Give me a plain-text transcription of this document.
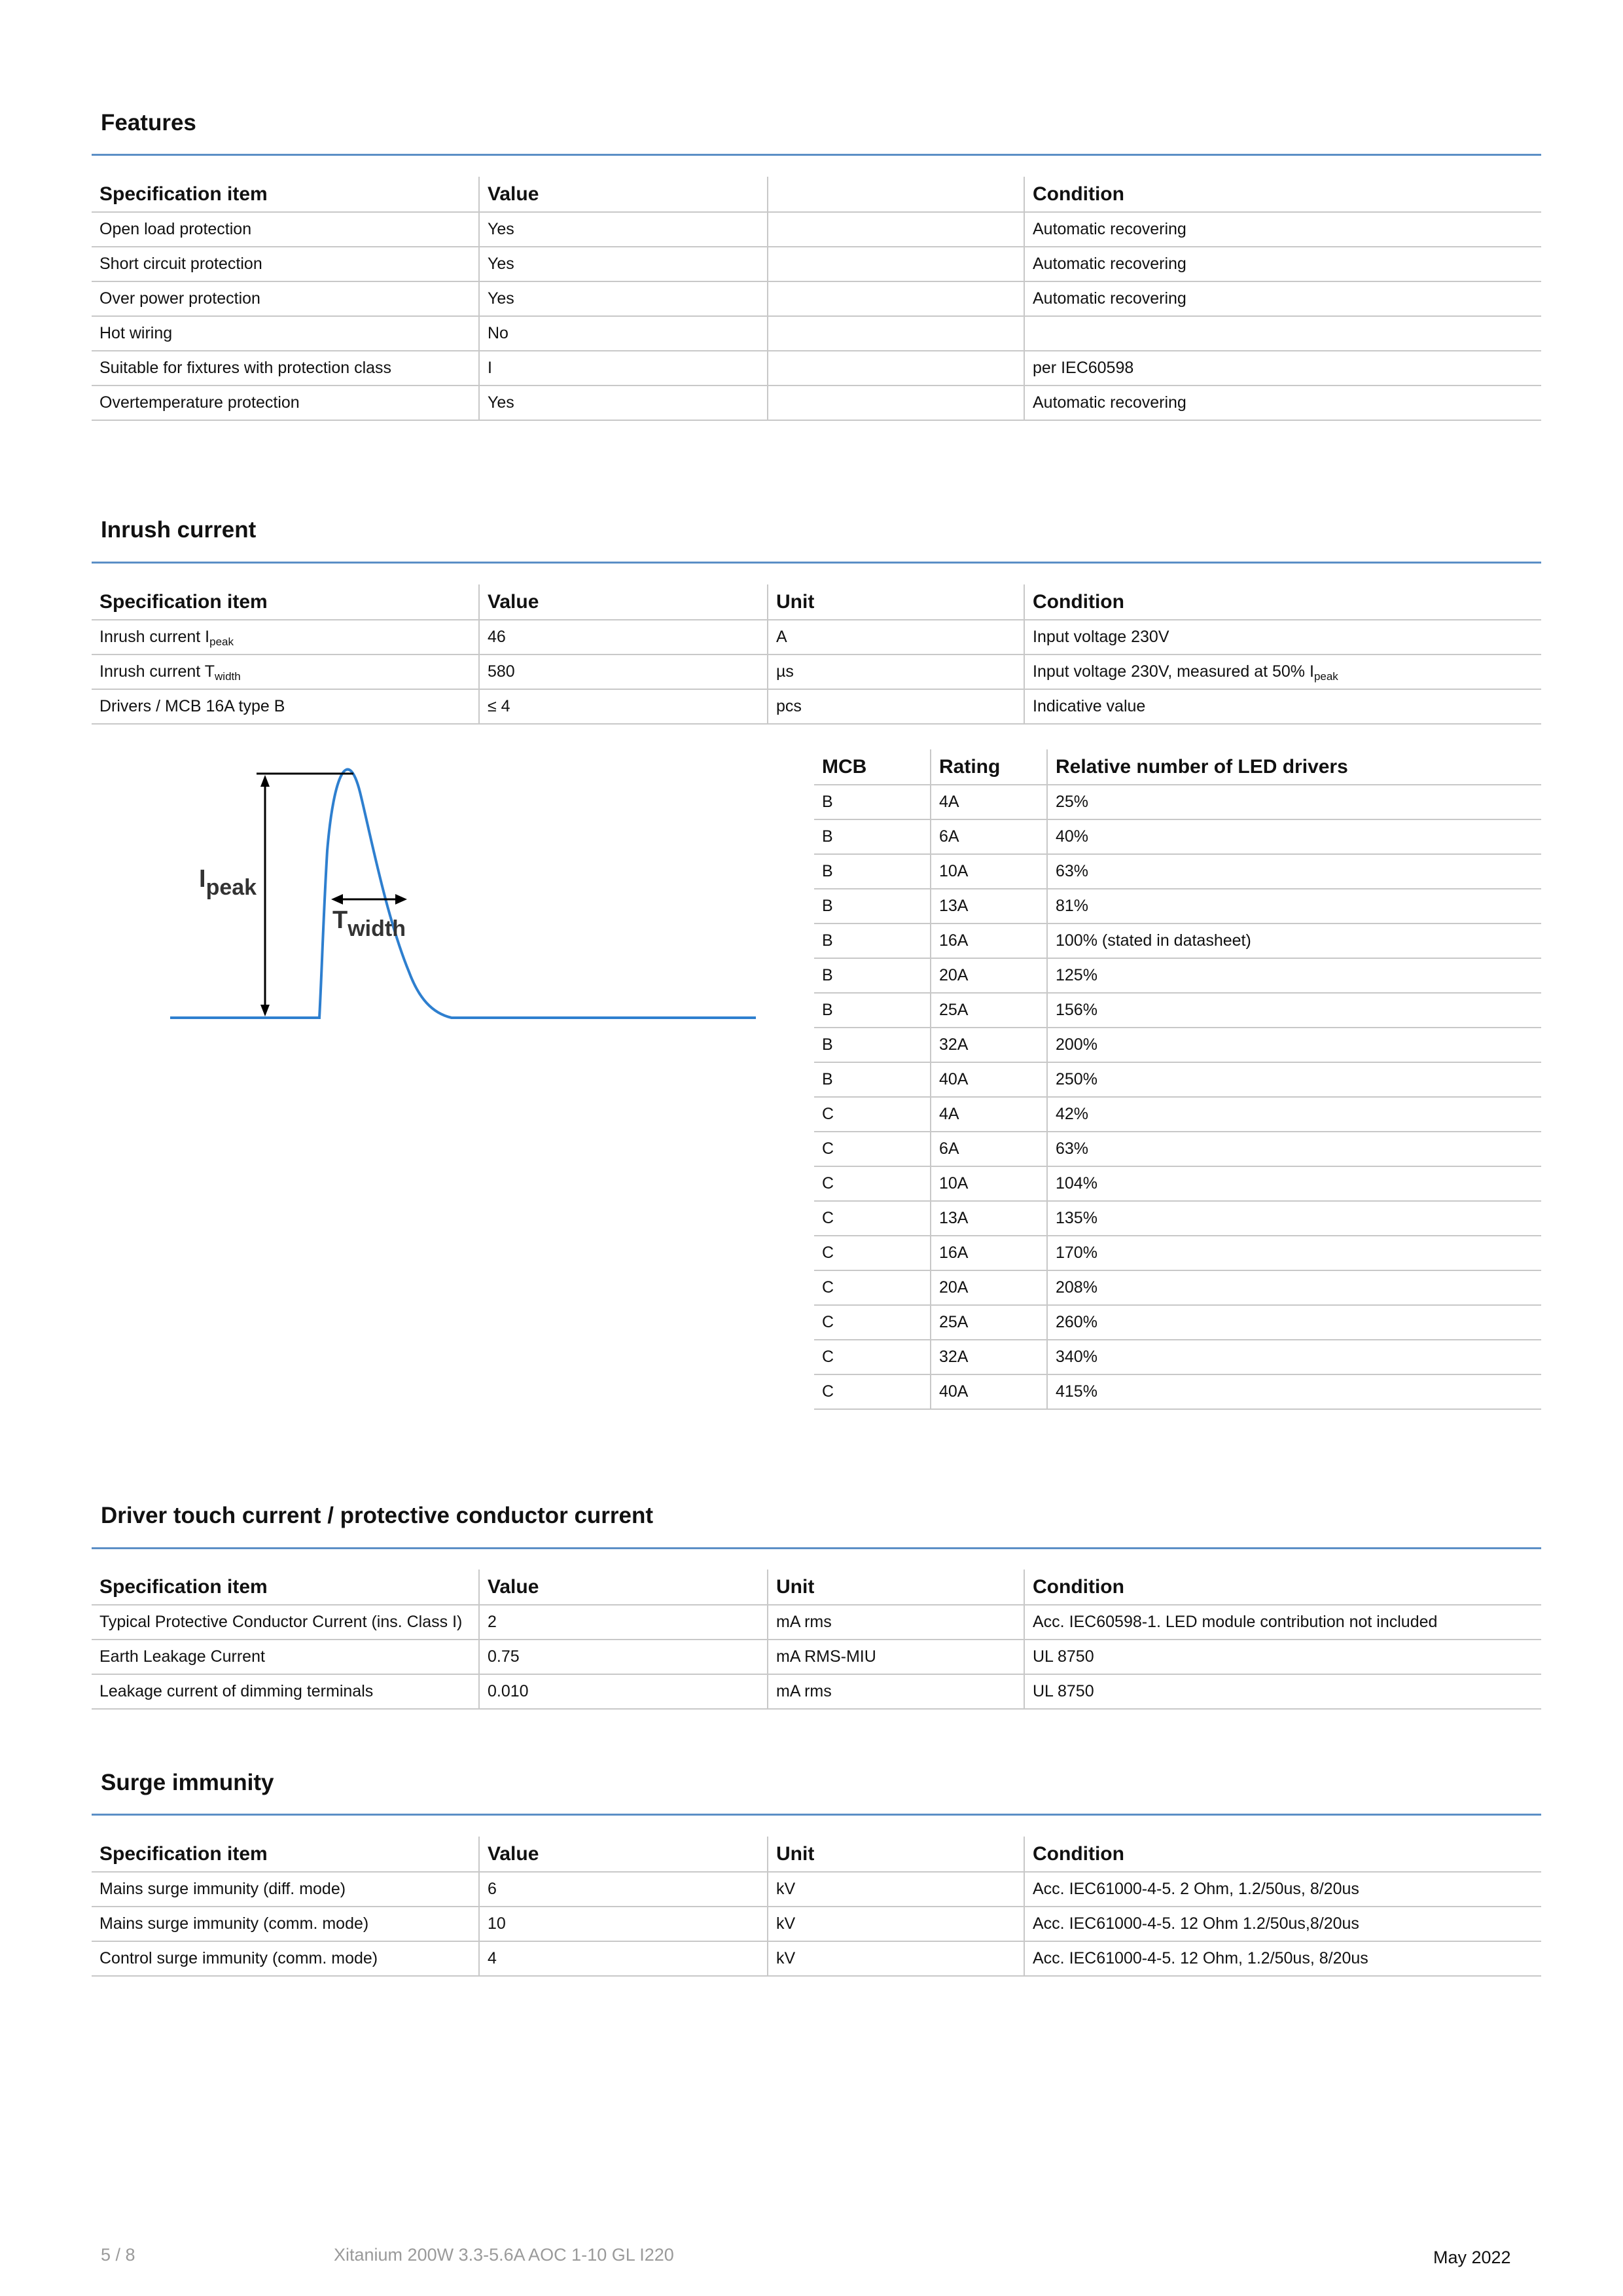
Features
Specification item	Value		Condition
Open load protection	Yes		Automatic recovering
Short circuit protection	Yes		Automatic recovering
Over power protection	Yes		Automatic recovering
Hot wiring	No		
Suitable for fixtures with protection class	I		per IEC60598
Overtemperature protection	Yes		Automatic recovering
Inrush current
Specification item	Value	Unit	Condition
Inrush current $I_{peak}$	46	A	Input voltage 230V
Inrush current $T_{width}$	580	µs	Input voltage 230V, measured at 50% $I_{peak}$
Drivers / MCB 16A type B	≤ 4	pcs	Indicative value
Ipeak
Twidth
MCB	Rating	Relative number of LED drivers
B	4A	25%
B	6A	40%
B	10A	63%
B	13A	81%
B	16A	100% (stated in datasheet)
B	20A	125%
B	25A	156%
B	32A	200%
B	40A	250%
C	4A	42%
C	6A	63%
C	10A	104%
C	13A	135%
C	16A	170%
C	20A	208%
C	25A	260%
C	32A	340%
C	40A	415%
Driver touch current / protective conductor current
Specification item	Value	Unit	Condition
Typical Protective Conductor Current (ins. Class I)	2	mA rms	Acc. IEC60598-1. LED module contribution not included
Earth Leakage Current	0.75	mA RMS-MIU	UL 8750
Leakage current of dimming terminals	0.010	mA rms	UL 8750
Surge immunity
Specification item	Value	Unit	Condition
Mains surge immunity (diff. mode)	6	kV	Acc. IEC61000-4-5. 2 Ohm, 1.2/50us, 8/20us
Mains surge immunity (comm. mode)	10	kV	Acc. IEC61000-4-5. 12 Ohm 1.2/50us,8/20us
Control surge immunity (comm. mode)	4	kV	Acc. IEC61000-4-5. 12 Ohm, 1.2/50us, 8/20us
5 / 8	Xitanium 200W 3.3-5.6A AOC 1-10 GL I220	May 2022
